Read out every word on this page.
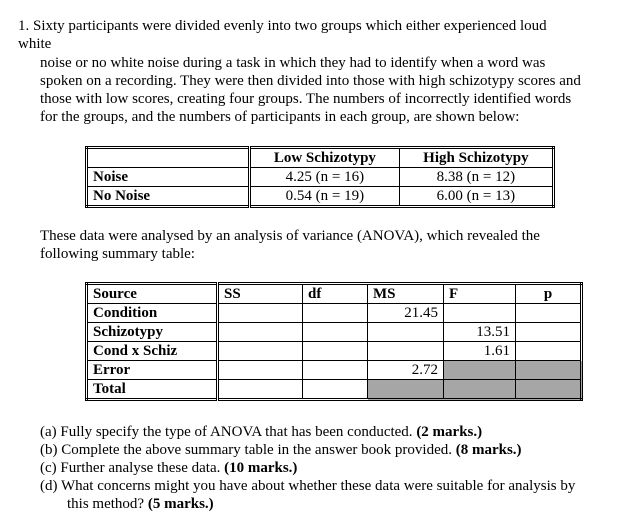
1. Sixty participants were divided evenly into two groups which either experienced loud
white
noise or no white noise during a task in which they had to identify when a word was
spoken on a recording. They were then divided into those with high schizotypy scores and
those with low scores, creating four groups. The numbers of incorrectly identified words
for the groups, and the numbers of participants in each group, are shown below:
	Low Schizotypy	High Schizotypy
Noise	4.25 (n = 16)	8.38 (n = 12)
No Noise	0.54 (n = 19)	6.00 (n = 13)
These data were analysed by an analysis of variance (ANOVA), which revealed the
following summary table:
Source	SS	df	MS	F	p
Condition			21.45		
Schizotypy				13.51	
Cond x Schiz				1.61	
Error			2.72		
Total					
(a) Fully specify the type of ANOVA that has been conducted. (2 marks.)
(b) Complete the above summary table in the answer book provided. (8 marks.)
(c) Further analyse these data. (10 marks.)
(d) What concerns might you have about whether these data were suitable for analysis by
this method? (5 marks.)
